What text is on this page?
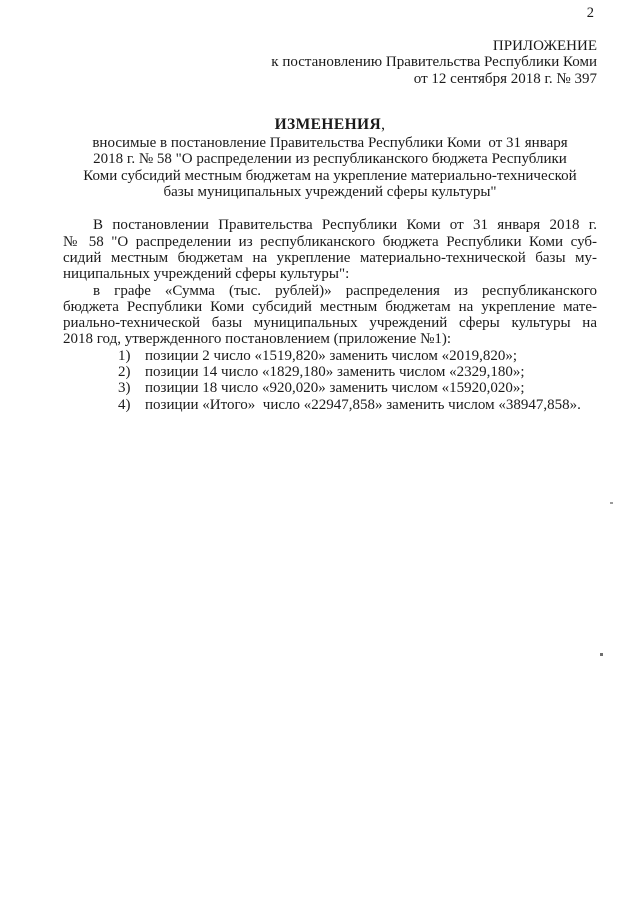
2
ПРИЛОЖЕНИЕ
к постановлению Правительства Республики Коми
от 12 сентября 2018 г. № 397
ИЗМЕНЕНИЯ,
вносимые в постановление Правительства Республики Коми  от 31 января
2018 г. № 58 "О распределении из республиканского бюджета Республики
Коми субсидий местным бюджетам на укрепление материально-технической
базы муниципальных учреждений сферы культуры"
В постановлении Правительства Республики Коми от 31 января 2018 г.
№ 58 "О распределении из республиканского бюджета Республики Коми суб-
сидий местным бюджетам на укрепление материально-технической базы му-
ниципальных учреждений сферы культуры":
в графе «Сумма (тыс. рублей)» распределения из республиканского
бюджета Республики Коми субсидий местным бюджетам на укрепление мате-
риально-технической базы муниципальных учреждений сферы культуры на
2018 год, утвержденного постановлением (приложение №1):
1) позиции 2 число «1519,820» заменить числом «2019,820»;
2) позиции 14 число «1829,180» заменить числом «2329,180»;
3) позиции 18 число «920,020» заменить числом «15920,020»;
4) позиции «Итого»  число «22947,858» заменить числом «38947,858».
